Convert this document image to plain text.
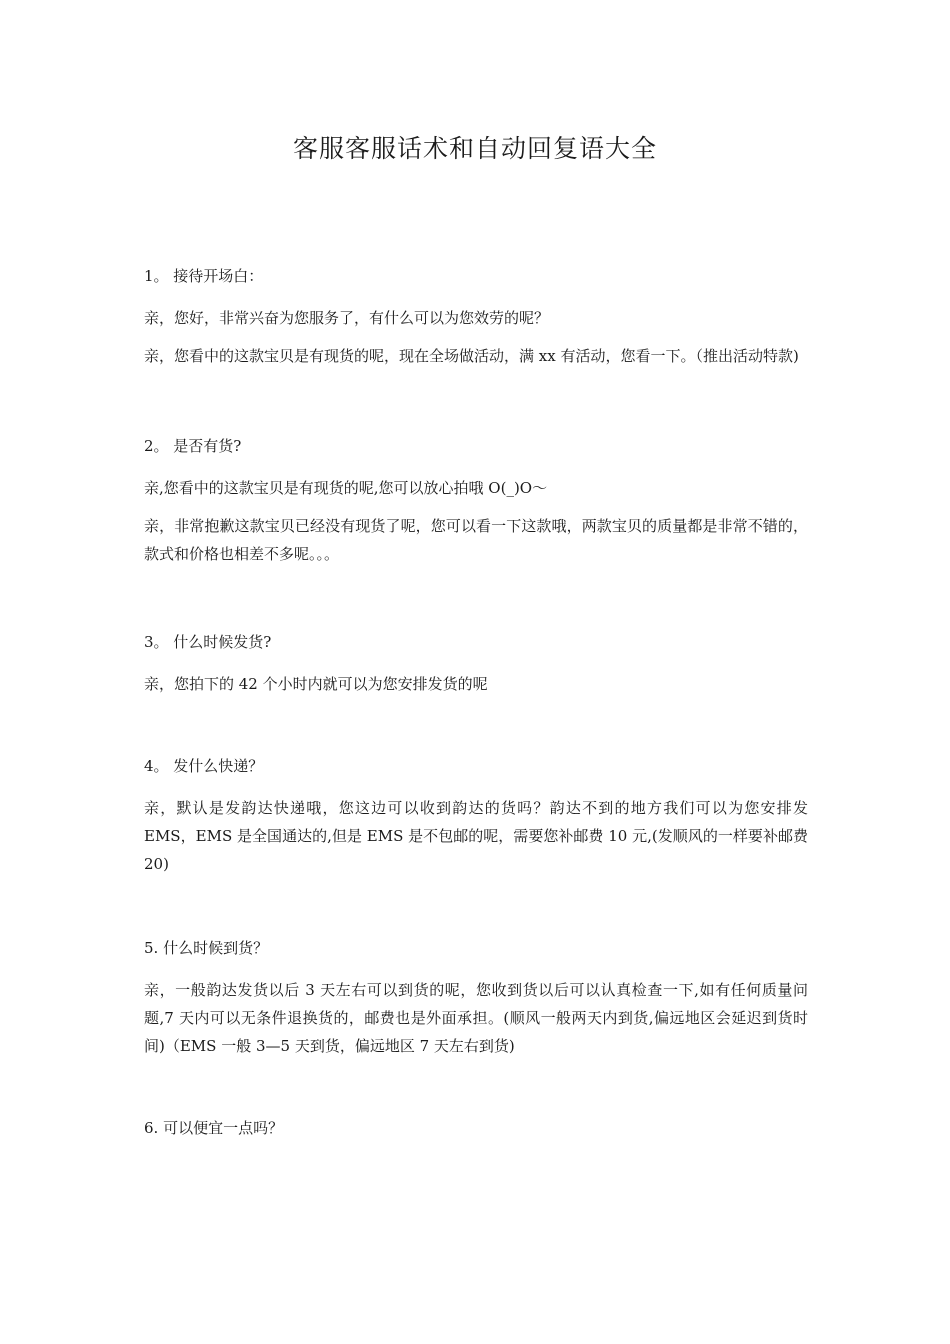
客服客服话术和自动回复语大全
1。 接待开场白：

亲，您好，非常兴奋为您服务了，有什么可以为您效劳的呢？

亲，您看中的这款宝贝是有现货的呢，现在全场做活动，满 xx 有活动，您看一下。（推出活动特款)

2。 是否有货?

亲,您看中的这款宝贝是有现货的呢,您可以放心拍哦 O(_)O～

亲，非常抱歉这款宝贝已经没有现货了呢，您可以看一下这款哦，两款宝贝的质量都是非常不错的，款式和价格也相差不多呢。。。

3。 什么时候发货?

亲，您拍下的 42 个小时内就可以为您安排发货的呢

4。 发什么快递？

亲，默认是发韵达快递哦，您这边可以收到韵达的货吗？韵达不到的地方我们可以为您安排发 EMS，EMS 是全国通达的,但是 EMS 是不包邮的呢，需要您补邮费 10 元,(发顺风的一样要补邮费 20)

5. 什么时候到货？

亲，一般韵达发货以后 3 天左右可以到货的呢，您收到货以后可以认真检查一下,如有任何质量问题,7 天内可以无条件退换货的，邮费也是外面承担。(顺风一般两天内到货,偏远地区会延迟到货时间)（EMS 一般 3—5 天到货，偏远地区 7 天左右到货)

6. 可以便宜一点吗？
